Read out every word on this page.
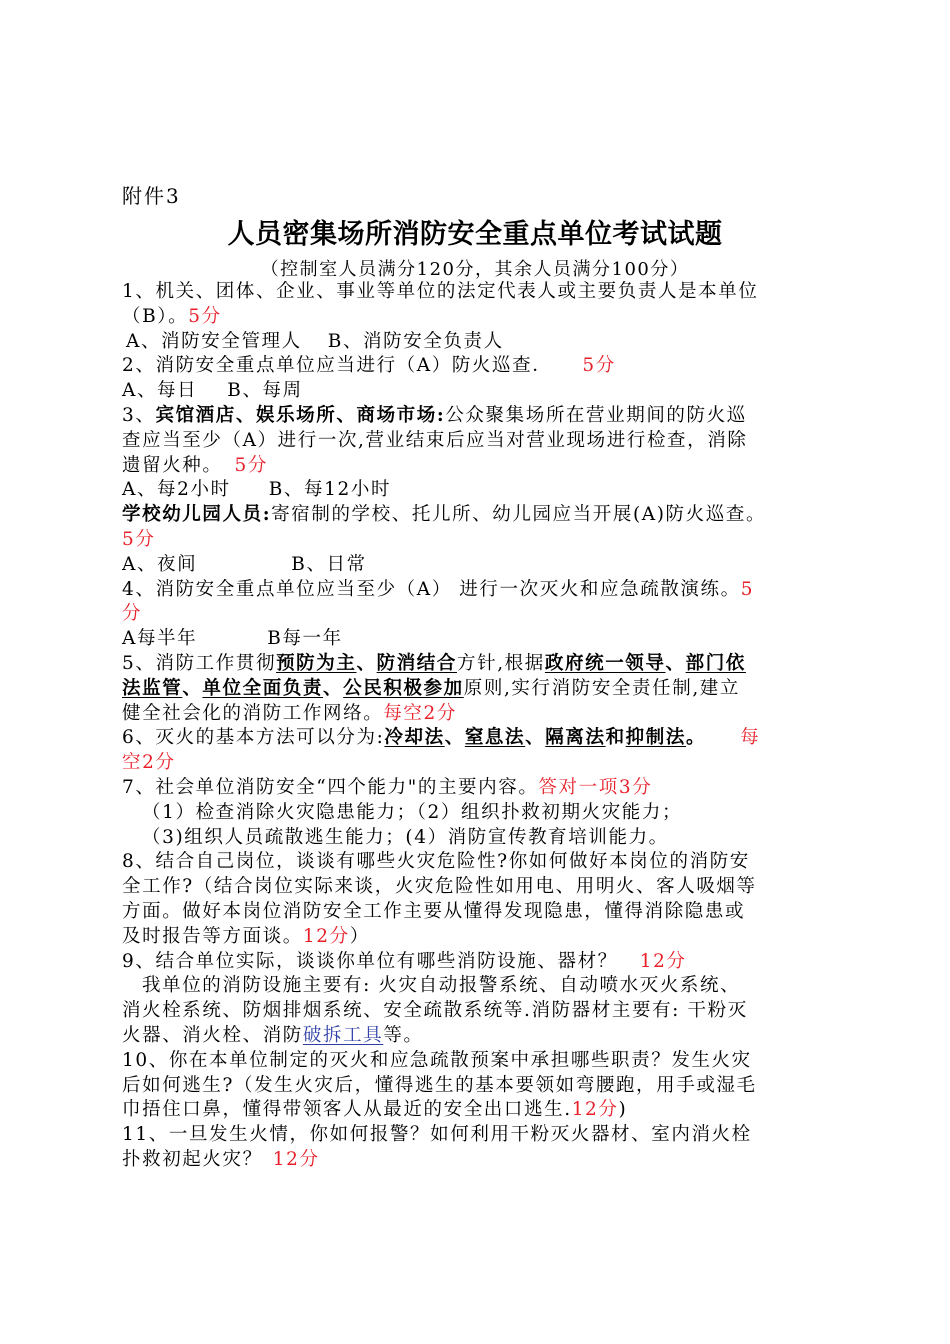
附件3
人员密集场所消防安全重点单位考试试题
（控制室人员满分120分，其余人员满分100分）
1、机关、团体、企业、事业等单位的法定代表人或主要负责人是本单位
（B）。5分
A、消防安全管理人 B、消防安全负责人
2、消防安全重点单位应当进行（A）防火巡查． 5分
A、每日 B、每周
3、宾馆酒店、娱乐场所、商场市场:公众聚集场所在营业期间的防火巡
查应当至少（A）进行一次,营业结束后应当对营业现场进行检查，消除
遗留火种。 5分
A、每2小时 B、每12小时
学校幼儿园人员:寄宿制的学校、托儿所、幼儿园应当开展(A)防火巡查。
5分
A、夜间	B、日常
4、消防安全重点单位应当至少（A） 进行一次灭火和应急疏散演练。5
分
A每半年	B每一年
5、消防工作贯彻预防为主、防消结合方针,根据政府统一领导、部门依
法监管、单位全面负责、公民积极参加原则,实行消防安全责任制,建立
健全社会化的消防工作网络。每空2分
6、灭火的基本方法可以分为:冷却法、窒息法、隔离法和抑制法。 每
空2分
7、社会单位消防安全“四个能力"的主要内容。答对一项3分
（1）检查消除火灾隐患能力；（2）组织扑救初期火灾能力；
（3)组织人员疏散逃生能力；(4）消防宣传教育培训能力。
8、结合自己岗位，谈谈有哪些火灾危险性?你如何做好本岗位的消防安
全工作?（结合岗位实际来谈，火灾危险性如用电、用明火、客人吸烟等
方面。做好本岗位消防安全工作主要从懂得发现隐患，懂得消除隐患或
及时报告等方面谈。12分）
9、结合单位实际，谈谈你单位有哪些消防设施、器材？ 12分
我单位的消防设施主要有: 火灾自动报警系统、自动喷水灭火系统、
消火栓系统、防烟排烟系统、安全疏散系统等.消防器材主要有: 干粉灭
火器、消火栓、消防破拆工具等。
10、你在本单位制定的灭火和应急疏散预案中承担哪些职责？发生火灾
后如何逃生?（发生火灾后，懂得逃生的基本要领如弯腰跑，用手或湿毛
巾捂住口鼻，懂得带领客人从最近的安全出口逃生.12分)
11、一旦发生火情，你如何报警？如何利用干粉灭火器材、室内消火栓
扑救初起火灾？ 12分
